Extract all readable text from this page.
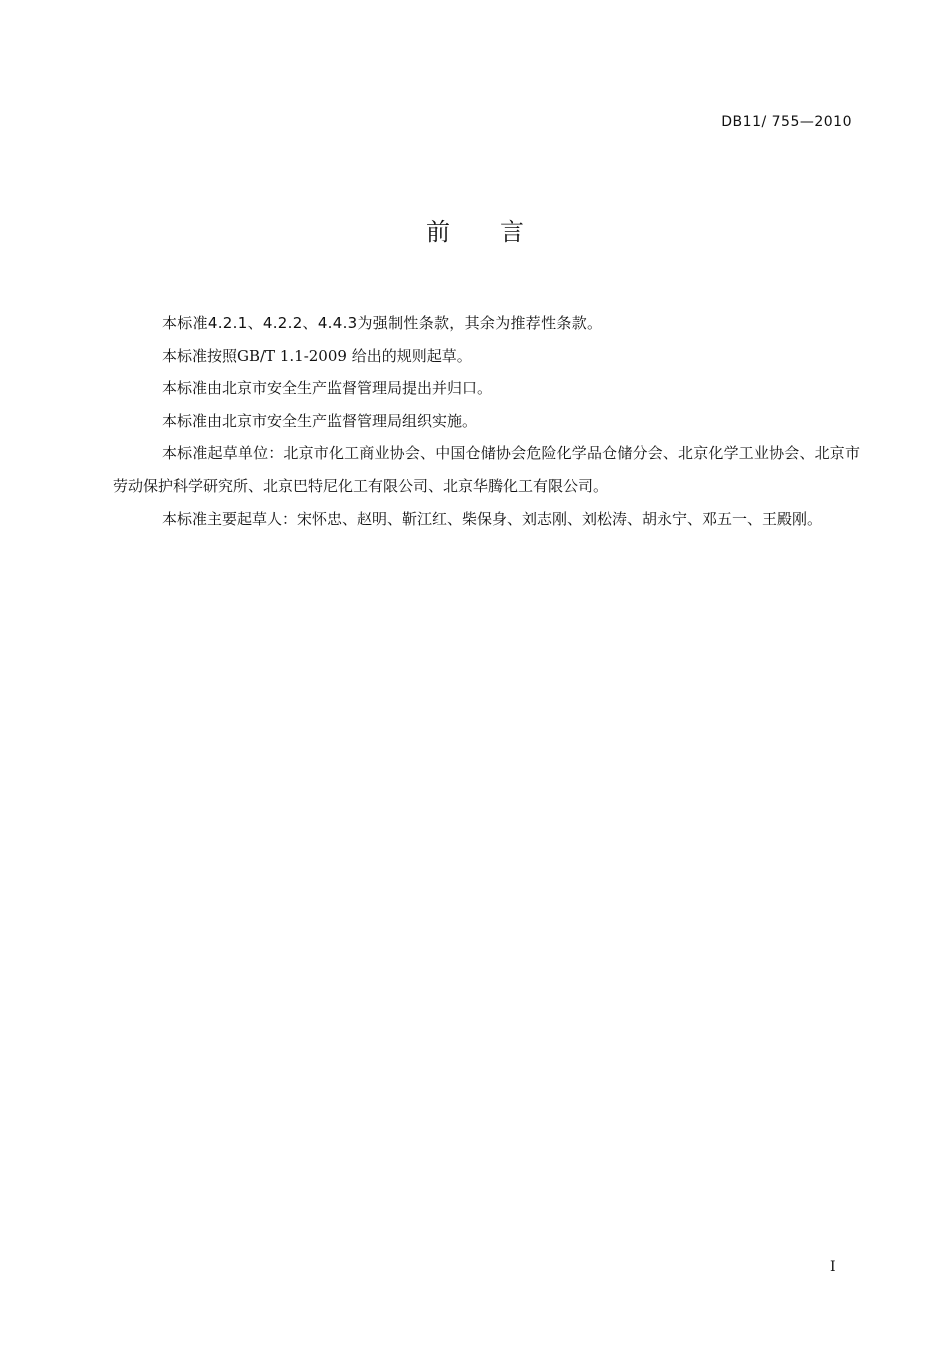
DB11/ 755—2010
前言

本标准4.2.1、4.2.2、4.4.3为强制性条款，其余为推荐性条款。

本标准按照GB/T 1.1-2009 给出的规则起草。

本标准由北京市安全生产监督管理局提出并归口。

本标准由北京市安全生产监督管理局组织实施。

本标准起草单位：北京市化工商业协会、中国仓储协会危险化学品仓储分会、北京化学工业协会、北京市劳动保护科学研究所、北京巴特尼化工有限公司、北京华腾化工有限公司。

本标准主要起草人：宋怀忠、赵明、靳江红、柴保身、刘志刚、刘松涛、胡永宁、邓五一、王殿刚。

I
